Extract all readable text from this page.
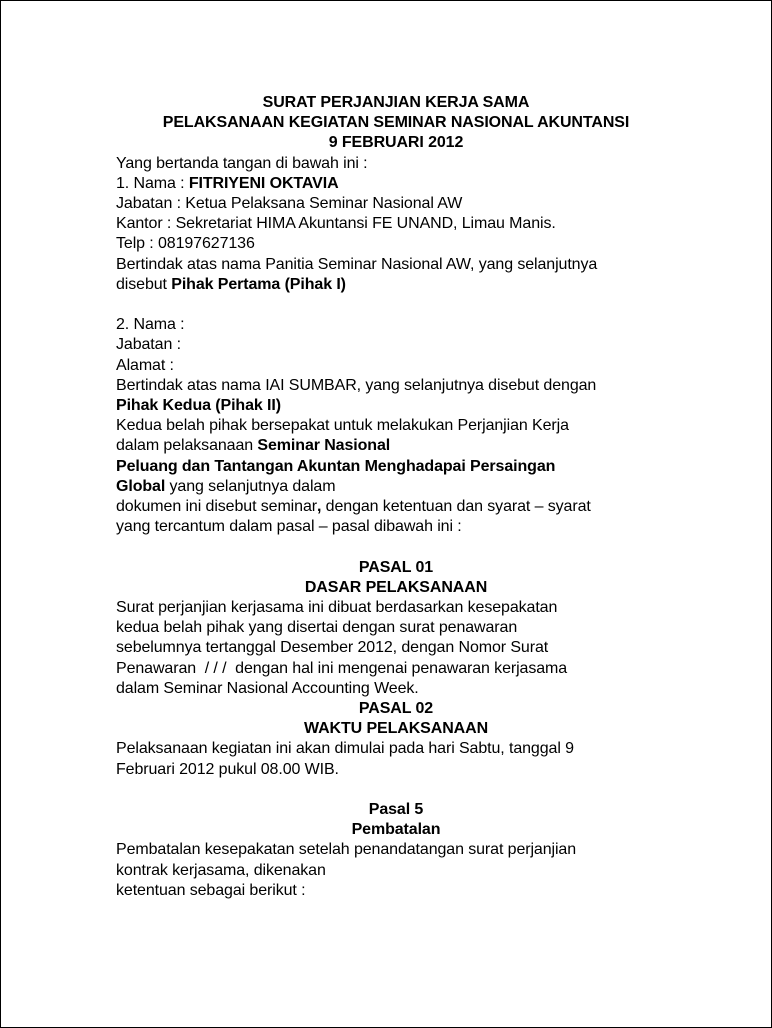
SURAT PERJANJIAN KERJA SAMA
PELAKSANAAN KEGIATAN SEMINAR NASIONAL AKUNTANSI
9 FEBRUARI 2012
Yang bertanda tangan di bawah ini :
1. Nama : FITRIYENI OKTAVIA
Jabatan : Ketua Pelaksana Seminar Nasional AW
Kantor : Sekretariat HIMA Akuntansi FE UNAND, Limau Manis.
Telp : 08197627136
Bertindak atas nama Panitia Seminar Nasional AW, yang selanjutnya
disebut Pihak Pertama (Pihak I)
2. Nama :
Jabatan :
Alamat :
Bertindak atas nama IAI SUMBAR, yang selanjutnya disebut dengan
Pihak Kedua (Pihak II)
Kedua belah pihak bersepakat untuk melakukan Perjanjian Kerja
dalam pelaksanaan Seminar Nasional
Peluang dan Tantangan Akuntan Menghadapai Persaingan
Global yang selanjutnya dalam
dokumen ini disebut seminar, dengan ketentuan dan syarat – syarat
yang tercantum dalam pasal – pasal dibawah ini :
PASAL 01
DASAR PELAKSANAAN
Surat perjanjian kerjasama ini dibuat berdasarkan kesepakatan
kedua belah pihak yang disertai dengan surat penawaran
sebelumnya tertanggal Desember 2012, dengan Nomor Surat
Penawaran  / / /  dengan hal ini mengenai penawaran kerjasama
dalam Seminar Nasional Accounting Week.
PASAL 02
WAKTU PELAKSANAAN
Pelaksanaan kegiatan ini akan dimulai pada hari Sabtu, tanggal 9
Februari 2012 pukul 08.00 WIB.
Pasal 5
Pembatalan
Pembatalan kesepakatan setelah penandatangan surat perjanjian
kontrak kerjasama, dikenakan
ketentuan sebagai berikut :
